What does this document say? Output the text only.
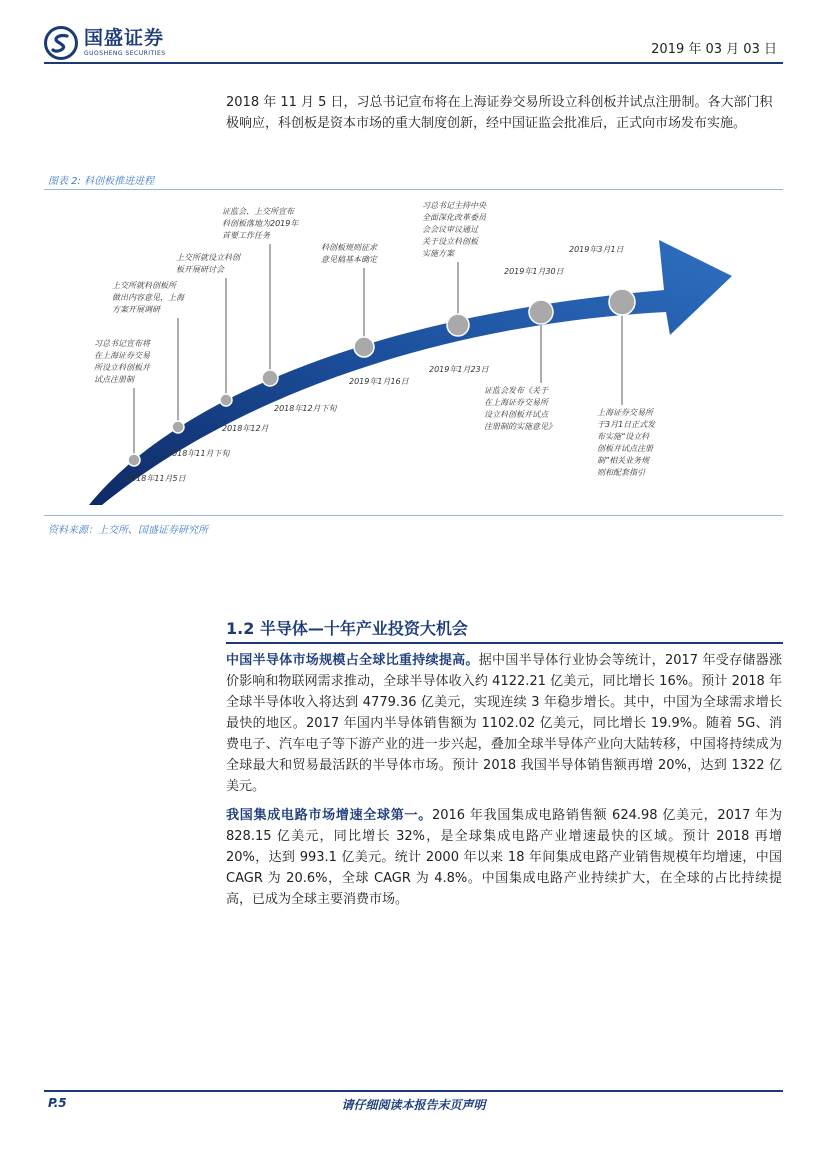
国盛证券
GUOSHENG SECURITIES	2019 年 03 月 03 日

2018 年 11 月 5 日，习总书记宣布将在上海证券交易所设立科创板并试点注册制。各大部门积极响应，科创板是资本市场的重大制度创新，经中国证监会批准后，正式向市场发布实施。

图表 2: 科创板推进进程
习总书记宣布将
在上海证券交易
所设立科创板并
试点注册制
2018年11月5日
上交所就科创板所
做出内容意见，上海
方案开展调研
2018年11月下旬
上交所就设立科创
板开展研讨会
2018年12月
证监会、上交所宣布
科创板落地为2019年
首要工作任务
2018年12月下旬
科创板规则征求
意见稿基本确定
2019年1月16日
习总书记主持中央
全面深化改革委员
会会议审议通过
关于设立科创板
实施方案
2019年1月23日
证监会发布《关于
在上海证券交易所
设立科创板并试点
注册制的实施意见》
2019年1月30日
上海证券交易所
于3月1日正式发
布实施“设立科
创板并试点注册
制”相关业务规
则和配套指引
2019年3月1日
资料来源：上交所、国盛证券研究所
1.2 半导体—十年产业投资大机会

中国半导体市场规模占全球比重持续提高。据中国半导体行业协会等统计，2017 年受存储器涨价影响和物联网需求推动，全球半导体收入约 4122.21 亿美元，同比增长 16%。预计 2018 年全球半导体收入将达到 4779.36 亿美元，实现连续 3 年稳步增长。其中，中国为全球需求增长最快的地区。2017 年国内半导体销售额为 1102.02 亿美元，同比增长 19.9%。随着 5G、消费电子、汽车电子等下游产业的进一步兴起，叠加全球半导体产业向大陆转移，中国将持续成为全球最大和贸易最活跃的半导体市场。预计 2018 我国半导体销售额再增 20%，达到 1322 亿美元。

我国集成电路市场增速全球第一。2016 年我国集成电路销售额 624.98 亿美元，2017 年为 828.15 亿美元，同比增长 32%，是全球集成电路产业增速最快的区域。预计 2018 再增 20%，达到 993.1 亿美元。统计 2000 年以来 18 年间集成电路产业销售规模年均增速，中国 CAGR 为 20.6%，全球 CAGR 为 4.8%。中国集成电路产业持续扩大，在全球的占比持续提高，已成为全球主要消费市场。

P.5	请仔细阅读本报告末页声明
